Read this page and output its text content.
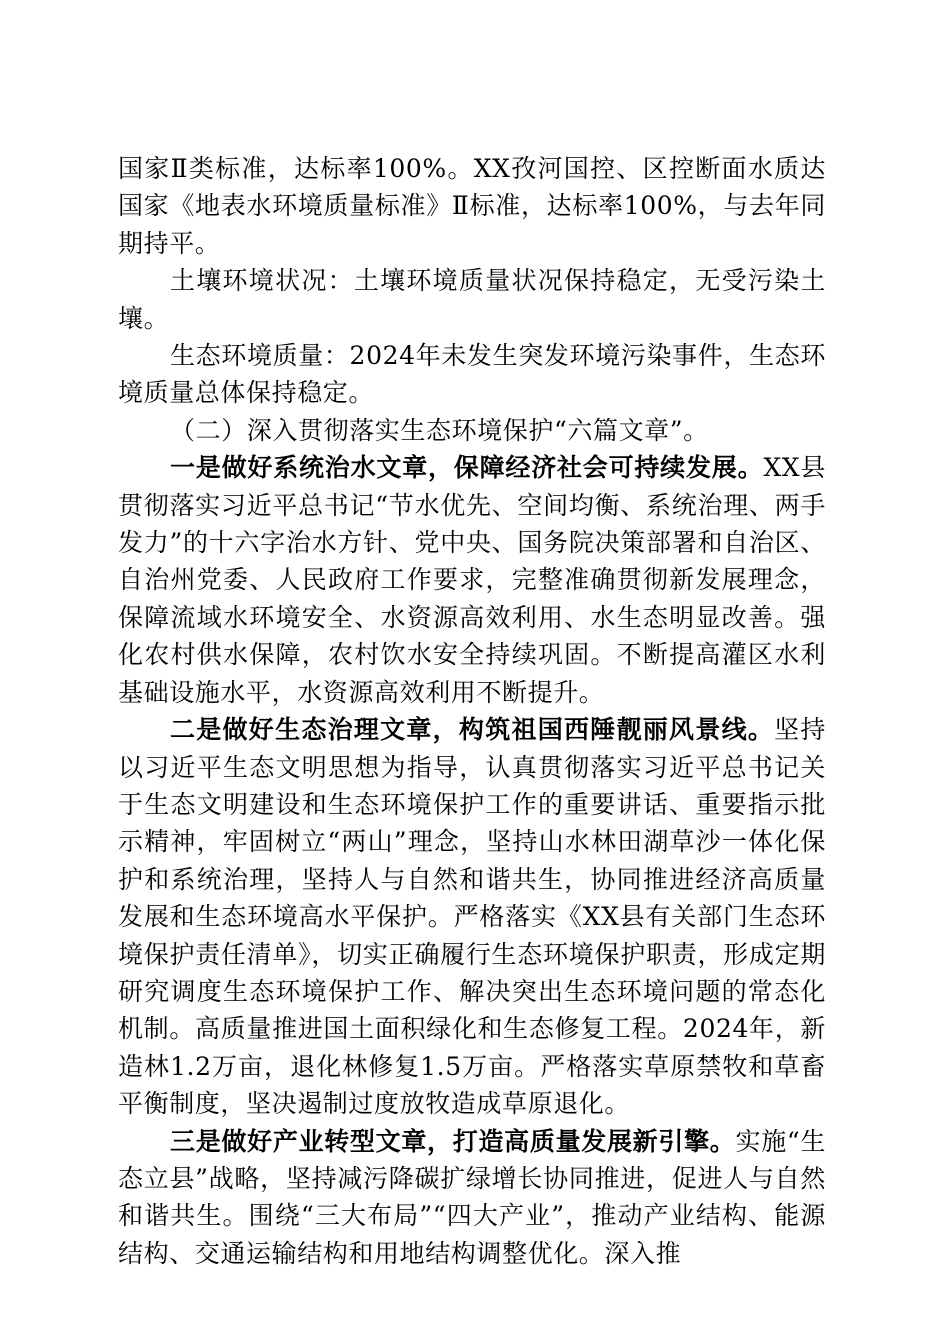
国家Ⅱ类标准，达标率100%。XX孜河国控、区控断面水质达国家《地表水环境质量标准》Ⅱ标准，达标率100%，与去年同期持平。

土壤环境状况：土壤环境质量状况保持稳定，无受污染土壤。

生态环境质量：2024年未发生突发环境污染事件，生态环境质量总体保持稳定。

（二）深入贯彻落实生态环境保护“六篇文章”。

一是做好系统治水文章，保障经济社会可持续发展。XX县贯彻落实习近平总书记“节水优先、空间均衡、系统治理、两手发力”的十六字治水方针、党中央、国务院决策部署和自治区、自治州党委、人民政府工作要求，完整准确贯彻新发展理念，保障流域水环境安全、水资源高效利用、水生态明显改善。强化农村供水保障，农村饮水安全持续巩固。不断提高灌区水利基础设施水平，水资源高效利用不断提升。

二是做好生态治理文章，构筑祖国西陲靓丽风景线。坚持以习近平生态文明思想为指导，认真贯彻落实习近平总书记关于生态文明建设和生态环境保护工作的重要讲话、重要指示批示精神，牢固树立“两山”理念，坚持山水林田湖草沙一体化保护和系统治理，坚持人与自然和谐共生，协同推进经济高质量发展和生态环境高水平保护。严格落实《XX县有关部门生态环境保护责任清单》，切实正确履行生态环境保护职责，形成定期研究调度生态环境保护工作、解决突出生态环境问题的常态化机制。高质量推进国土面积绿化和生态修复工程。2024年，新造林1.2万亩，退化林修复1.5万亩。严格落实草原禁牧和草畜平衡制度，坚决遏制过度放牧造成草原退化。

三是做好产业转型文章，打造高质量发展新引擎。实施“生态立县”战略，坚持减污降碳扩绿增长协同推进，促进人与自然和谐共生。围绕“三大布局”“四大产业”，推动产业结构、能源结构、交通运输结构和用地结构调整优化。深入推
